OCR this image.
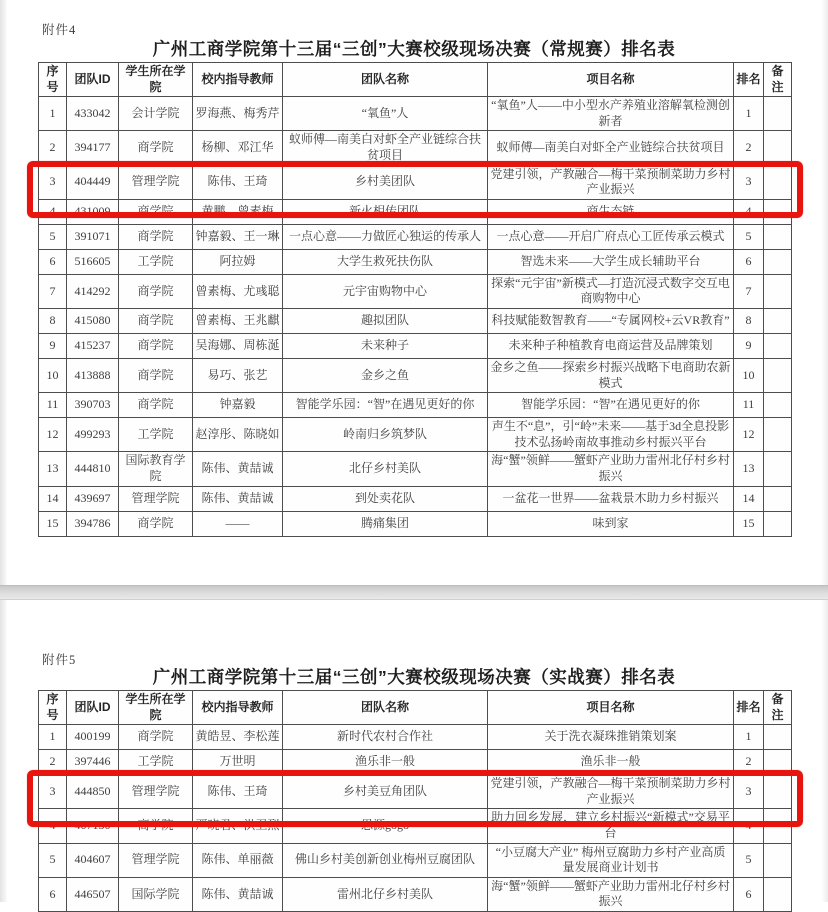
附件4
广州工商学院第十三届“三创”大赛校级现场决赛（常规赛）排名表
序号	团队ID	学生所在学院	校内指导教师	团队名称	项目名称	排名	备注
1	433042	会计学院	罗海燕、梅秀芹	“氧鱼”人	“氧鱼”人——中小型水产养殖业溶解氧检测创新者	1	
2	394177	商学院	杨柳、邓江华	蚁师傅—南美白对虾全产业链综合扶贫项目	蚁师傅—南美白对虾全产业链综合扶贫项目	2	
3	404449	管理学院	陈伟、王琦	乡村美团队	党建引领，产教融合—梅干菜预制菜助力乡村产业振兴	3	
4	431009	商学院	黄鹏、曾素梅	新火相传团队	商生态链	4	
5	391071	商学院	钟嘉毅、王一琳	一点心意——力做匠心独运的传承人	一点心意——开启广府点心工匠传承云模式	5	
6	516605	工学院	阿拉姆	大学生救死扶伤队	智选未来——大学生成长辅助平台	6	
7	414292	商学院	曾素梅、尤彧聪	元宇宙购物中心	探索“元宇宙”新模式—打造沉浸式数字交互电商购物中心	7	
8	415080	商学院	曾素梅、王兆麒	趣拟团队	科技赋能数智教育——“专属网校+云VR教育”	8	
9	415237	商学院	吴海娜、周栋涎	未来种子	未来种子种植教育电商运营及品牌策划	9	
10	413888	商学院	易巧、张艺	金乡之鱼	金乡之鱼——探索乡村振兴战略下电商助农新模式	10	
11	390703	商学院	钟嘉毅	智能学乐园：“智”在遇见更好的你	智能学乐园：“智”在遇见更好的你	11	
12	499293	工学院	赵淳彤、陈晓如	岭南归乡筑梦队	声生不“息”，引“岭”未来——基于3d全息投影技术弘扬岭南故事推动乡村振兴平台	12	
13	444810	国际教育学院	陈伟、黄喆诚	北仔乡村美队	海“蟹”领鲜——蟹虾产业助力雷州北仔村乡村振兴	13	
14	439697	管理学院	陈伟、黄喆诚	到处卖花队	一盆花一世界——盆栽景木助力乡村振兴	14	
15	394786	商学院	——	腾痛集团	味到家	15	
附件5
广州工商学院第十三届“三创”大赛校级现场决赛（实战赛）排名表
序号	团队ID	学生所在学院	校内指导教师	团队名称	项目名称	排名	备注
1	400199	商学院	黄皓昱、李松莲	新时代农村合作社	关于洗衣凝珠推销策划案	1	
2	397446	工学院	万世明	渔乐非一般	渔乐非一般	2	
3	444850	管理学院	陈伟、王琦	乡村美豆角团队	党建引领，产教融合—梅干菜预制菜助力乡村产业振兴	3	
4	407150	商学院	严晓君、洪卫烈	思源gogo	助力回乡发展，建立乡村振兴“新模式”交易平台	4	
5	404607	管理学院	陈伟、单丽薇	佛山乡村美创新创业梅州豆腐团队	“小豆腐大产业” 梅州豆腐助力乡村产业高质量发展商业计划书	5	
6	446507	国际学院	陈伟、黄喆诚	雷州北仔乡村美队	海“蟹”领鲜——蟹虾产业助力雷州北仔村乡村振兴	6	
